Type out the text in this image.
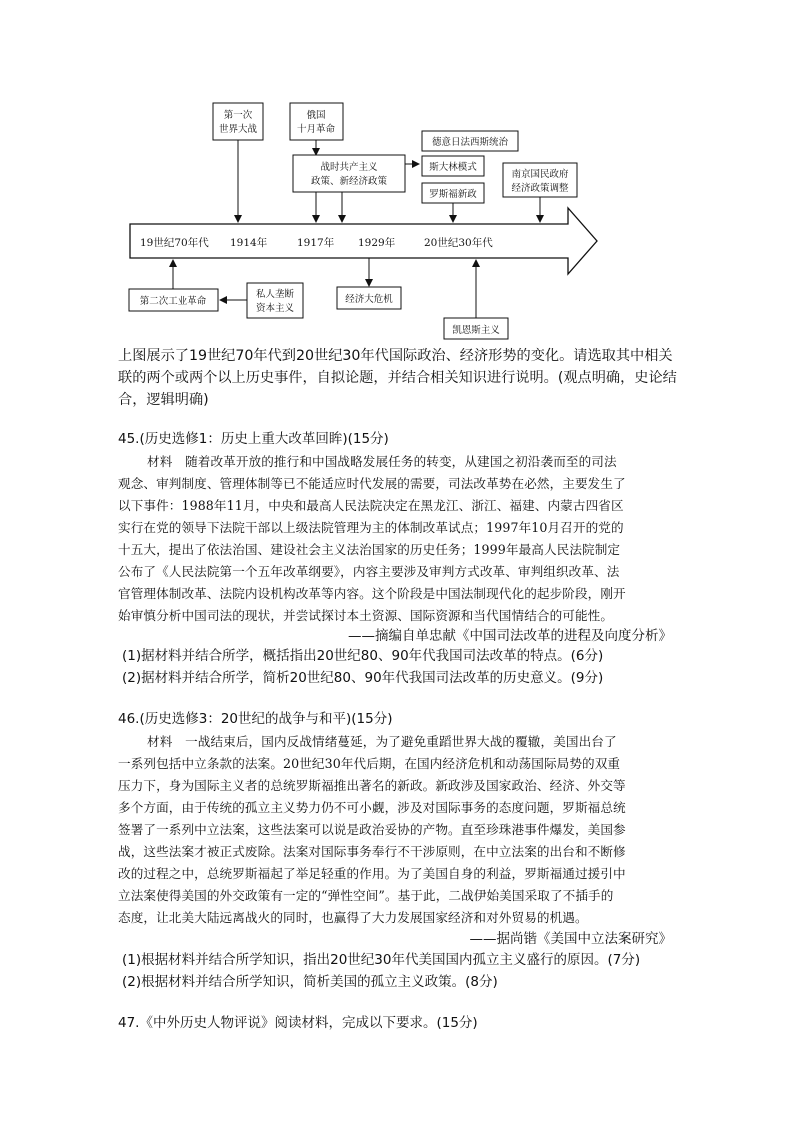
19世纪70年代 1914年	1917年 1929年	20世纪30年代
第一次
世界大战
俄国
十月革命
战时共产主义
政策、新经济政策
德意日法西斯统治
斯大林模式
罗斯福新政
南京国民政府
经济政策调整
第二次工业革命
私人垄断
资本主义
经济大危机
凯恩斯主义
上图展示了19世纪70年代到20世纪30年代国际政治、经济形势的变化。请选取其中相关
联的两个或两个以上历史事件，自拟论题，并结合相关知识进行说明。(观点明确，史论结
合，逻辑明确)
45.(历史选修1：历史上重大改革回眸)(15分)
材料　随着改革开放的推行和中国战略发展任务的转变，从建国之初沿袭而至的司法
观念、审判制度、管理体制等已不能适应时代发展的需要，司法改革势在必然，主要发生了
以下事件：1988年11月，中央和最高人民法院决定在黑龙江、浙江、福建、内蒙古四省区
实行在党的领导下法院干部以上级法院管理为主的体制改革试点；1997年10月召开的党的
十五大，提出了依法治国、建设社会主义法治国家的历史任务；1999年最高人民法院制定
公布了《人民法院第一个五年改革纲要》，内容主要涉及审判方式改革、审判组织改革、法
官管理体制改革、法院内设机构改革等内容。这个阶段是中国法制现代化的起步阶段，刚开
始审慎分析中国司法的现状，并尝试探讨本土资源、国际资源和当代国情结合的可能性。
——摘编自单忠献《中国司法改革的进程及向度分析》
(1)据材料并结合所学，概括指出20世纪80、90年代我国司法改革的特点。(6分)
(2)据材料并结合所学，简析20世纪80、90年代我国司法改革的历史意义。(9分)
46.(历史选修3：20世纪的战争与和平)(15分)
材料　一战结束后，国内反战情绪蔓延，为了避免重蹈世界大战的覆辙，美国出台了
一系列包括中立条款的法案。20世纪30年代后期，在国内经济危机和动荡国际局势的双重
压力下，身为国际主义者的总统罗斯福推出著名的新政。新政涉及国家政治、经济、外交等
多个方面，由于传统的孤立主义势力仍不可小觑，涉及对国际事务的态度问题，罗斯福总统
签署了一系列中立法案，这些法案可以说是政治妥协的产物。直至珍珠港事件爆发，美国参
战，这些法案才被正式废除。法案对国际事务奉行不干涉原则，在中立法案的出台和不断修
改的过程之中，总统罗斯福起了举足轻重的作用。为了美国自身的利益，罗斯福通过援引中
立法案使得美国的外交政策有一定的“弹性空间”。基于此，二战伊始美国采取了不插手的
态度，让北美大陆远离战火的同时，也赢得了大力发展国家经济和对外贸易的机遇。
——据尚锴《美国中立法案研究》
(1)根据材料并结合所学知识，指出20世纪30年代美国国内孤立主义盛行的原因。(7分)
(2)根据材料并结合所学知识，简析美国的孤立主义政策。(8分)
47.《中外历史人物评说》阅读材料，完成以下要求。(15分)
